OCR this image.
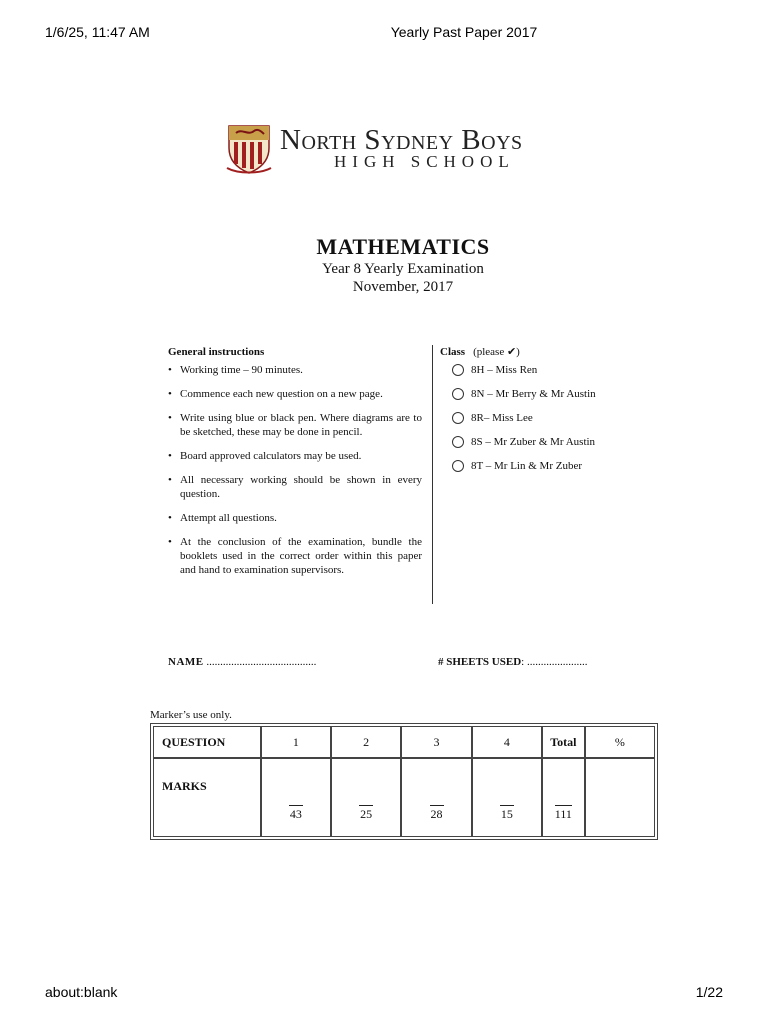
1/6/25, 11:47 AM	Yearly Past Paper 2017
North Sydney Boys
HIGH SCHOOL
MATHEMATICS
Year 8 Yearly Examination
November, 2017
General instructions
• Working time – 90 minutes.
• Commence each new question on a new page.
• Write using blue or black pen. Where diagrams are to be sketched, these may be done in pencil.
• Board approved calculators may be used.
• All necessary working should be shown in every question.
• Attempt all questions.
• At the conclusion of the examination, bundle the booklets used in the correct order within this paper and hand to examination supervisors.
Class (please ✔)
8H – Miss Ren
8N – Mr Berry & Mr Austin
8R– Miss Lee
8S – Mr Zuber & Mr Austin
8T – Mr Lin & Mr Zuber
NAME ........................................	# SHEETS USED: ......................
Marker’s use only.
QUESTION	1	2	3	4	Total	%
MARKS	43	25	28	15	111	
about:blank	1/22
